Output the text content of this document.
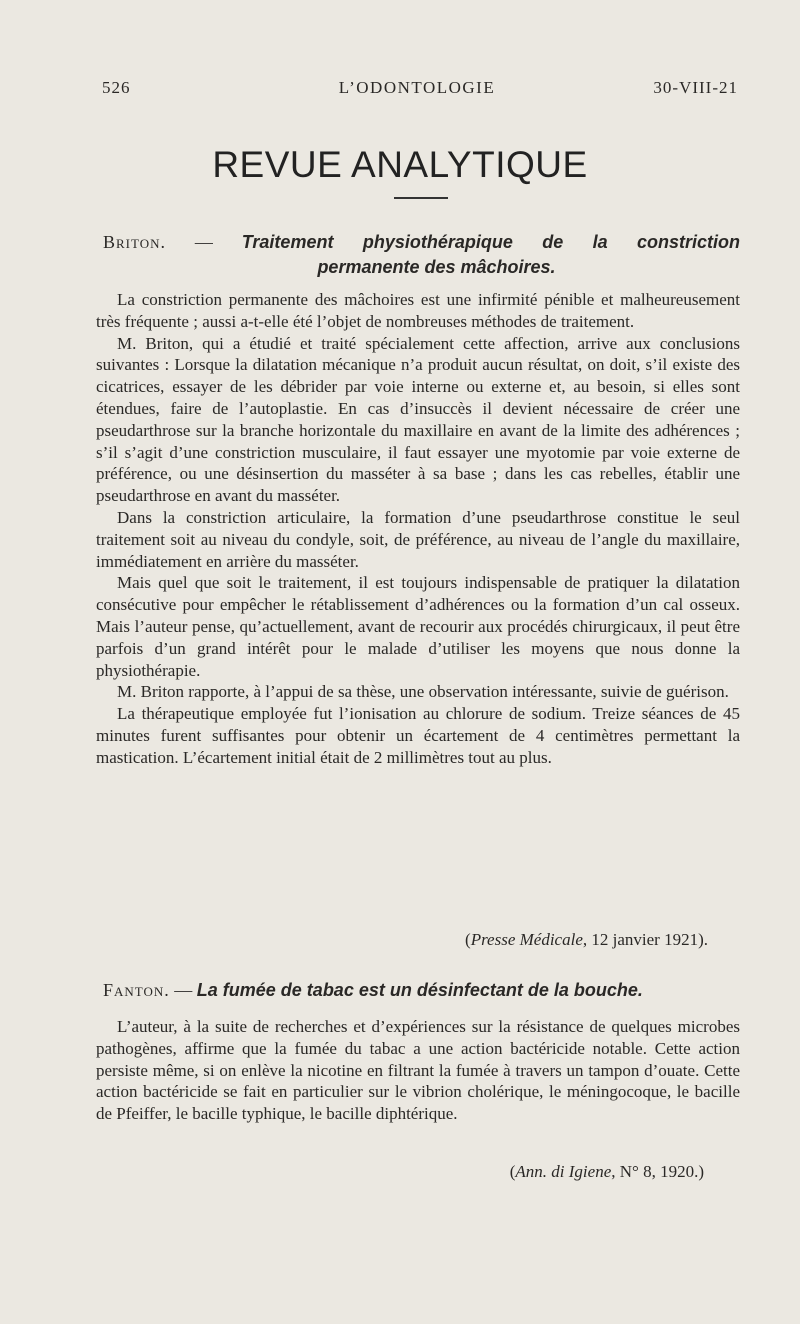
L’ODONTOLOGIE
526	30-VIII-21
REVUE ANALYTIQUE
Briton. — Traitement physiothérapique de la constriction
permanente des mâchoires.

La constriction permanente des mâchoires est une infirmité pénible et malheureusement très fréquente ; aussi a-t-elle été l’objet de nombreuses méthodes de traitement.

M. Briton, qui a étudié et traité spécialement cette affection, arrive aux conclusions suivantes : Lorsque la dilatation mécanique n’a produit aucun résultat, on doit, s’il existe des cicatrices, essayer de les débrider par voie interne ou externe et, au besoin, si elles sont étendues, faire de l’autoplastie. En cas d’insuccès il devient nécessaire de créer une pseudarthrose sur la branche horizontale du maxillaire en avant de la limite des adhérences ; s’il s’agit d’une constriction musculaire, il faut essayer une myotomie par voie externe de préférence, ou une désinsertion du masséter à sa base ; dans les cas rebelles, établir une pseudarthrose en avant du masséter.

Dans la constriction articulaire, la formation d’une pseudarthrose constitue le seul traitement soit au niveau du condyle, soit, de préférence, au niveau de l’angle du maxillaire, immédiatement en arrière du masséter.

Mais quel que soit le traitement, il est toujours indispensable de pratiquer la dilatation consécutive pour empêcher le rétablissement d’adhérences ou la formation d’un cal osseux. Mais l’auteur pense, qu’actuellement, avant de recourir aux procédés chirurgicaux, il peut être parfois d’un grand intérêt pour le malade d’utiliser les moyens que nous donne la physiothérapie.

M. Briton rapporte, à l’appui de sa thèse, une observation intéressante, suivie de guérison.

La thérapeutique employée fut l’ionisation au chlorure de sodium. Treize séances de 45 minutes furent suffisantes pour obtenir un écartement de 4 centimètres permettant la mastication. L’écartement initial était de 2 millimètres tout au plus.

(Presse Médicale, 12 janvier 1921).
Fanton. — La fumée de tabac est un désinfectant de la bouche.

L’auteur, à la suite de recherches et d’expériences sur la résistance de quelques microbes pathogènes, affirme que la fumée du tabac a une action bactéricide notable. Cette action persiste même, si on enlève la nicotine en filtrant la fumée à travers un tampon d’ouate. Cette action bactéricide se fait en particulier sur le vibrion cholérique, le méningocoque, le bacille de Pfeiffer, le bacille typhique, le bacille diphtérique.

(Ann. di Igiene, N° 8, 1920.)
